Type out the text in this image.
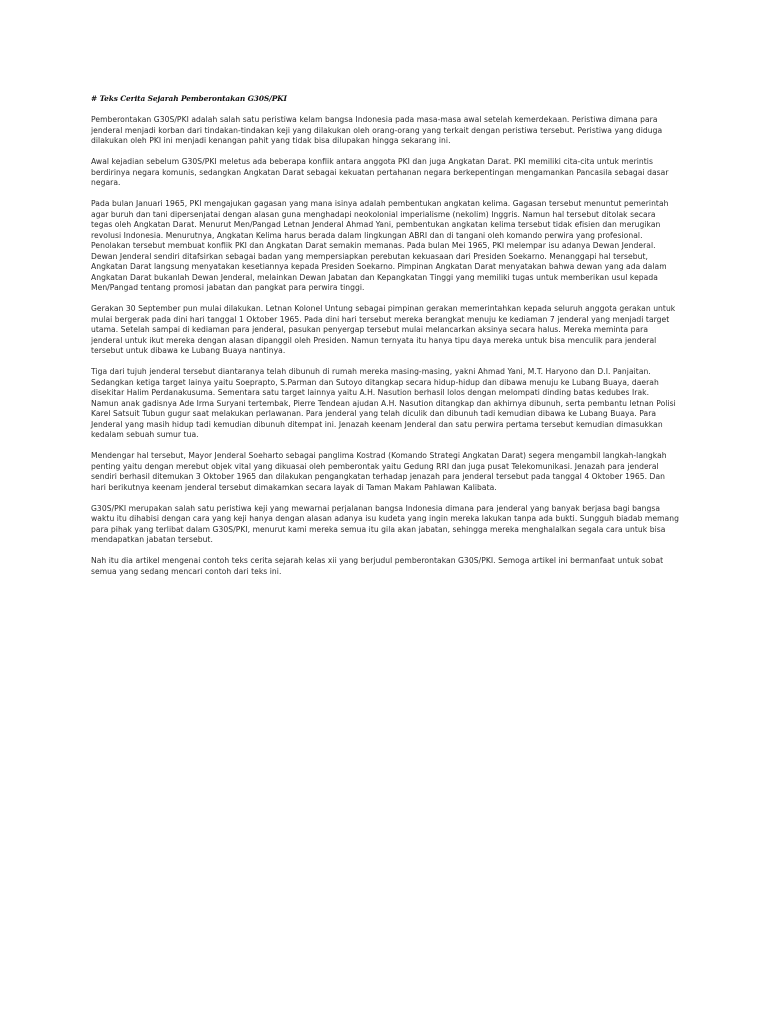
# Teks Cerita Sejarah Pemberontakan G30S/PKI

Pemberontakan G30S/PKI adalah salah satu peristiwa kelam bangsa Indonesia pada masa-masa awal setelah kemerdekaan. Peristiwa dimana para jenderal menjadi korban dari tindakan-tindakan keji yang dilakukan oleh orang-orang yang terkait dengan peristiwa tersebut. Peristiwa yang diduga dilakukan oleh PKI ini menjadi kenangan pahit yang tidak bisa dilupakan hingga sekarang ini.

Awal kejadian sebelum G30S/PKI meletus ada beberapa konflik antara anggota PKI dan juga Angkatan Darat. PKI memiliki cita-cita untuk merintis berdirinya negara komunis, sedangkan Angkatan Darat sebagai kekuatan pertahanan negara berkepentingan mengamankan Pancasila sebagai dasar negara.

Pada bulan Januari 1965, PKI mengajukan gagasan yang mana isinya adalah pembentukan angkatan kelima. Gagasan tersebut menuntut pemerintah agar buruh dan tani dipersenjatai dengan alasan guna menghadapi neokolonial imperialisme (nekolim) Inggris. Namun hal tersebut ditolak secara tegas oleh Angkatan Darat. Menurut Men/Pangad Letnan Jenderal Ahmad Yani, pembentukan angkatan kelima tersebut tidak efisien dan merugikan revolusi Indonesia. Menurutnya, Angkatan Kelima harus berada dalam lingkungan ABRI dan di tangani oleh komando perwira yang profesional.

Penolakan tersebut membuat konflik PKI dan Angkatan Darat semakin memanas. Pada bulan Mei 1965, PKI melempar isu adanya Dewan Jenderal. Dewan Jenderal sendiri ditafsirkan sebagai badan yang mempersiapkan perebutan kekuasaan dari Presiden Soekarno. Menanggapi hal tersebut, Angkatan Darat langsung menyatakan kesetiannya kepada Presiden Soekarno. Pimpinan Angkatan Darat menyatakan bahwa dewan yang ada dalam Angkatan Darat bukanlah Dewan Jenderal, melainkan Dewan Jabatan dan Kepangkatan Tinggi yang memiliki tugas untuk memberikan usul kepada Men/Pangad tentang promosi jabatan dan pangkat para perwira tinggi.

Gerakan 30 September pun mulai dilakukan. Letnan Kolonel Untung sebagai pimpinan gerakan memerintahkan kepada seluruh anggota gerakan untuk mulai bergerak pada dini hari tanggal 1 Oktober 1965. Pada dini hari tersebut mereka berangkat menuju ke kediaman 7 jenderal yang menjadi target utama. Setelah sampai di kediaman para jenderal, pasukan penyergap tersebut mulai melancarkan aksinya secara halus. Mereka meminta para jenderal untuk ikut mereka dengan alasan dipanggil oleh Presiden. Namun ternyata itu hanya tipu daya mereka untuk bisa menculik para jenderal tersebut untuk dibawa ke Lubang Buaya nantinya.

Tiga dari tujuh jenderal tersebut diantaranya telah dibunuh di rumah mereka masing-masing, yakni Ahmad Yani, M.T. Haryono dan D.I. Panjaitan. Sedangkan ketiga target lainya yaitu Soeprapto, S.Parman dan Sutoyo ditangkap secara hidup-hidup dan dibawa menuju ke Lubang Buaya, daerah disekitar Halim Perdanakusuma. Sementara satu target lainnya yaitu A.H. Nasution berhasil lolos dengan melompati dinding batas kedubes Irak. Namun anak gadisnya Ade Irma Suryani tertembak, Pierre Tendean ajudan A.H. Nasution ditangkap dan akhirnya dibunuh, serta pembantu letnan Polisi Karel Satsuit Tubun gugur saat melakukan perlawanan. Para jenderal yang telah diculik dan dibunuh tadi kemudian dibawa ke Lubang Buaya. Para Jenderal yang masih hidup tadi kemudian dibunuh ditempat ini. Jenazah keenam Jenderal dan satu perwira pertama tersebut kemudian dimasukkan kedalam sebuah sumur tua.

Mendengar hal tersebut, Mayor Jenderal Soeharto sebagai panglima Kostrad (Komando Strategi Angkatan Darat) segera mengambil langkah-langkah penting yaitu dengan merebut objek vital yang dikuasai oleh pemberontak yaitu Gedung RRI dan juga pusat Telekomunikasi. Jenazah para jenderal sendiri berhasil ditemukan 3 Oktober 1965 dan dilakukan pengangkatan terhadap jenazah para jenderal tersebut pada tanggal 4 Oktober 1965. Dan hari berikutnya keenam jenderal tersebut dimakamkan secara layak di Taman Makam Pahlawan Kalibata.

G30S/PKI merupakan salah satu peristiwa keji yang mewarnai perjalanan bangsa Indonesia dimana para jenderal yang banyak berjasa bagi bangsa waktu itu dihabisi dengan cara yang keji hanya dengan alasan adanya isu kudeta yang ingin mereka lakukan tanpa ada bukti. Sungguh biadab memang para pihak yang terlibat dalam G30S/PKI, menurut kami mereka semua itu gila akan jabatan, sehingga mereka menghalalkan segala cara untuk bisa mendapatkan jabatan tersebut.

Nah itu dia artikel mengenai contoh teks cerita sejarah kelas xii yang berjudul pemberontakan G30S/PKI. Semoga artikel ini bermanfaat untuk sobat semua yang sedang mencari contoh dari teks ini.
